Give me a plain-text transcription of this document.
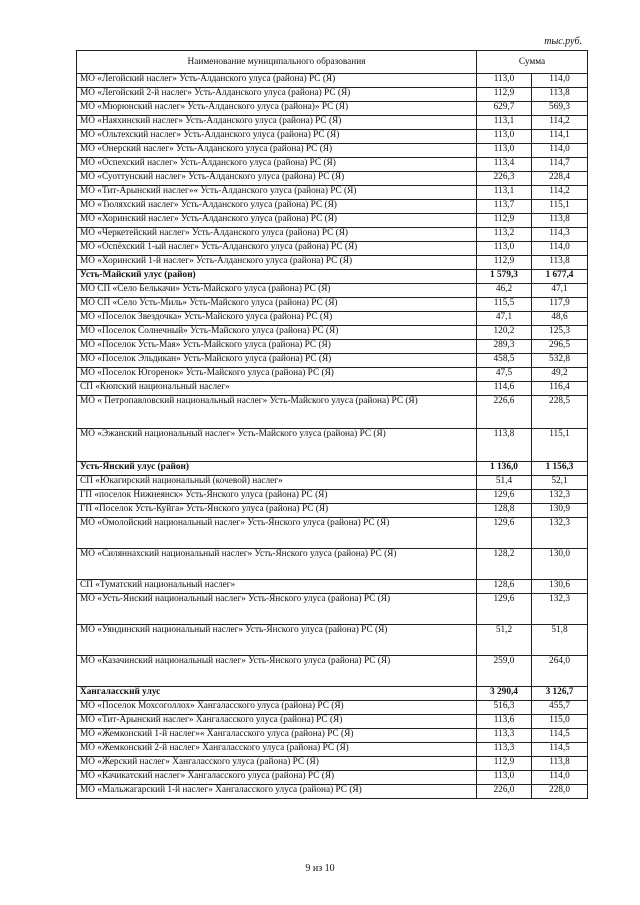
тыс.руб.
Наименование муниципального образования	Сумма	
МО «Легойский наслег» Усть-Алданского улуса (района) РС (Я)	113,0	114,0
МО «Легойский 2-й наслег» Усть-Алданского улуса (района) РС (Я)	112,9	113,8
МО «Мюрюнский наслег» Усть-Алданского улуса (района)» РС (Я)	629,7	569,3
МО «Наяхинский наслег» Усть-Алданского улуса (района) РС (Я)	113,1	114,2
МО «Ольтехский наслег» Усть-Алданского улуса (района) РС (Я)	113,0	114,1
МО «Онерский наслег» Усть-Алданского улуса (района) РС (Я)	113,0	114,0
МО «Оспехский наслег» Усть-Алданского улуса (района) РС (Я)	113,4	114,7
МО «Суоттунский наслег» Усть-Алданского улуса (района) РС (Я)	226,3	228,4
МО «Тит-Арынский наслег»« Усть-Алданского улуса (района) РС (Я)	113,1	114,2
МО «Тюляхский наслег» Усть-Алданского улуса (района) РС (Я)	113,7	115,1
МО «Хоринский наслег» Усть-Алданского улуса (района) РС (Я)	112,9	113,8
МО «Черкетейский наслег» Усть-Алданского улуса (района) РС (Я)	113,2	114,3
МО «Оспёхский 1-ый наслег» Усть-Алданского улуса (района) РС (Я)	113,0	114,0
МО «Хоринский 1-й наслег» Усть-Алданского улуса (района) РС (Я)	112,9	113,8
Усть-Майский улус (район)	1 579,3	1 677,4
МО СП «Село Белькачи» Усть-Майского улуса (района) РС (Я)	46,2	47,1
МО СП «Село Усть-Миль» Усть-Майского улуса (района) РС (Я)	115,5	117,9
МО «Поселок Звездочка» Усть-Майского улуса (района) РС (Я)	47,1	48,6
МО «Поселок Солнечный» Усть-Майского улуса (района) РС (Я)	120,2	125,3
МО «Поселок Усть-Мая» Усть-Майского улуса (района) РС (Я)	289,3	296,5
МО «Поселок Эльдикан» Усть-Майского улуса (района) РС (Я)	458,5	532,8
МО «Поселок Югоренок» Усть-Майского улуса (района) РС (Я)	47,5	49,2
СП «Кюпский национальный наслег»	114,6	116,4
МО « Петропавловский национальный наслег» Усть-Майского улуса (района) РС (Я)	226,6	228,5
МО «Эжанский национальный наслег» Усть-Майского улуса (района) РС (Я)	113,8	115,1
Усть-Янский улус (район)	1 136,0	1 156,3
СП «Юкагирский национальный (кочевой) наслег»	51,4	52,1
ГП «поселок Нижнеянск» Усть-Янского улуса (района) РС (Я)	129,6	132,3
ГП «Поселок Усть-Куйга» Усть-Янского улуса (района) РС (Я)	128,8	130,9
МО «Омолойский национальный наслег» Усть-Янского улуса (района) РС (Я)	129,6	132,3
МО «Силяннахский национальный наслег» Усть-Янского улуса (района) РС (Я)	128,2	130,0
СП «Туматский национальный наслег»	128,6	130,6
МО «Усть-Янский национальный наслег» Усть-Янского улуса (района) РС (Я)	129,6	132,3
МО «Уяндинский национальный наслег» Усть-Янского улуса (района) РС (Я)	51,2	51,8
МО «Казачинский национальный наслег» Усть-Янского улуса (района) РС (Я)	259,0	264,0
Хангаласский улус	3 290,4	3 126,7
МО «Поселок Мохсоголлох» Хангаласского улуса (района) РС (Я)	516,3	455,7
МО «Тит-Арынский наслег» Хангаласского улуса (района) РС (Я)	113,6	115,0
МО «Жемконский 1-й наслег»« Хангаласского улуса (района) РС (Я)	113,3	114,5
МО «Жемконский 2-й наслег» Хангаласского улуса (района) РС (Я)	113,3	114,5
МО «Жерский наслег» Хангаласского улуса (района) РС (Я)	112,9	113,8
МО «Качикатский наслег» Хангаласского улуса (района) РС (Я)	113,0	114,0
МО «Мальжагарский 1-й наслег» Хангаласского улуса (района) РС (Я)	226,0	228,0
9 из 10
